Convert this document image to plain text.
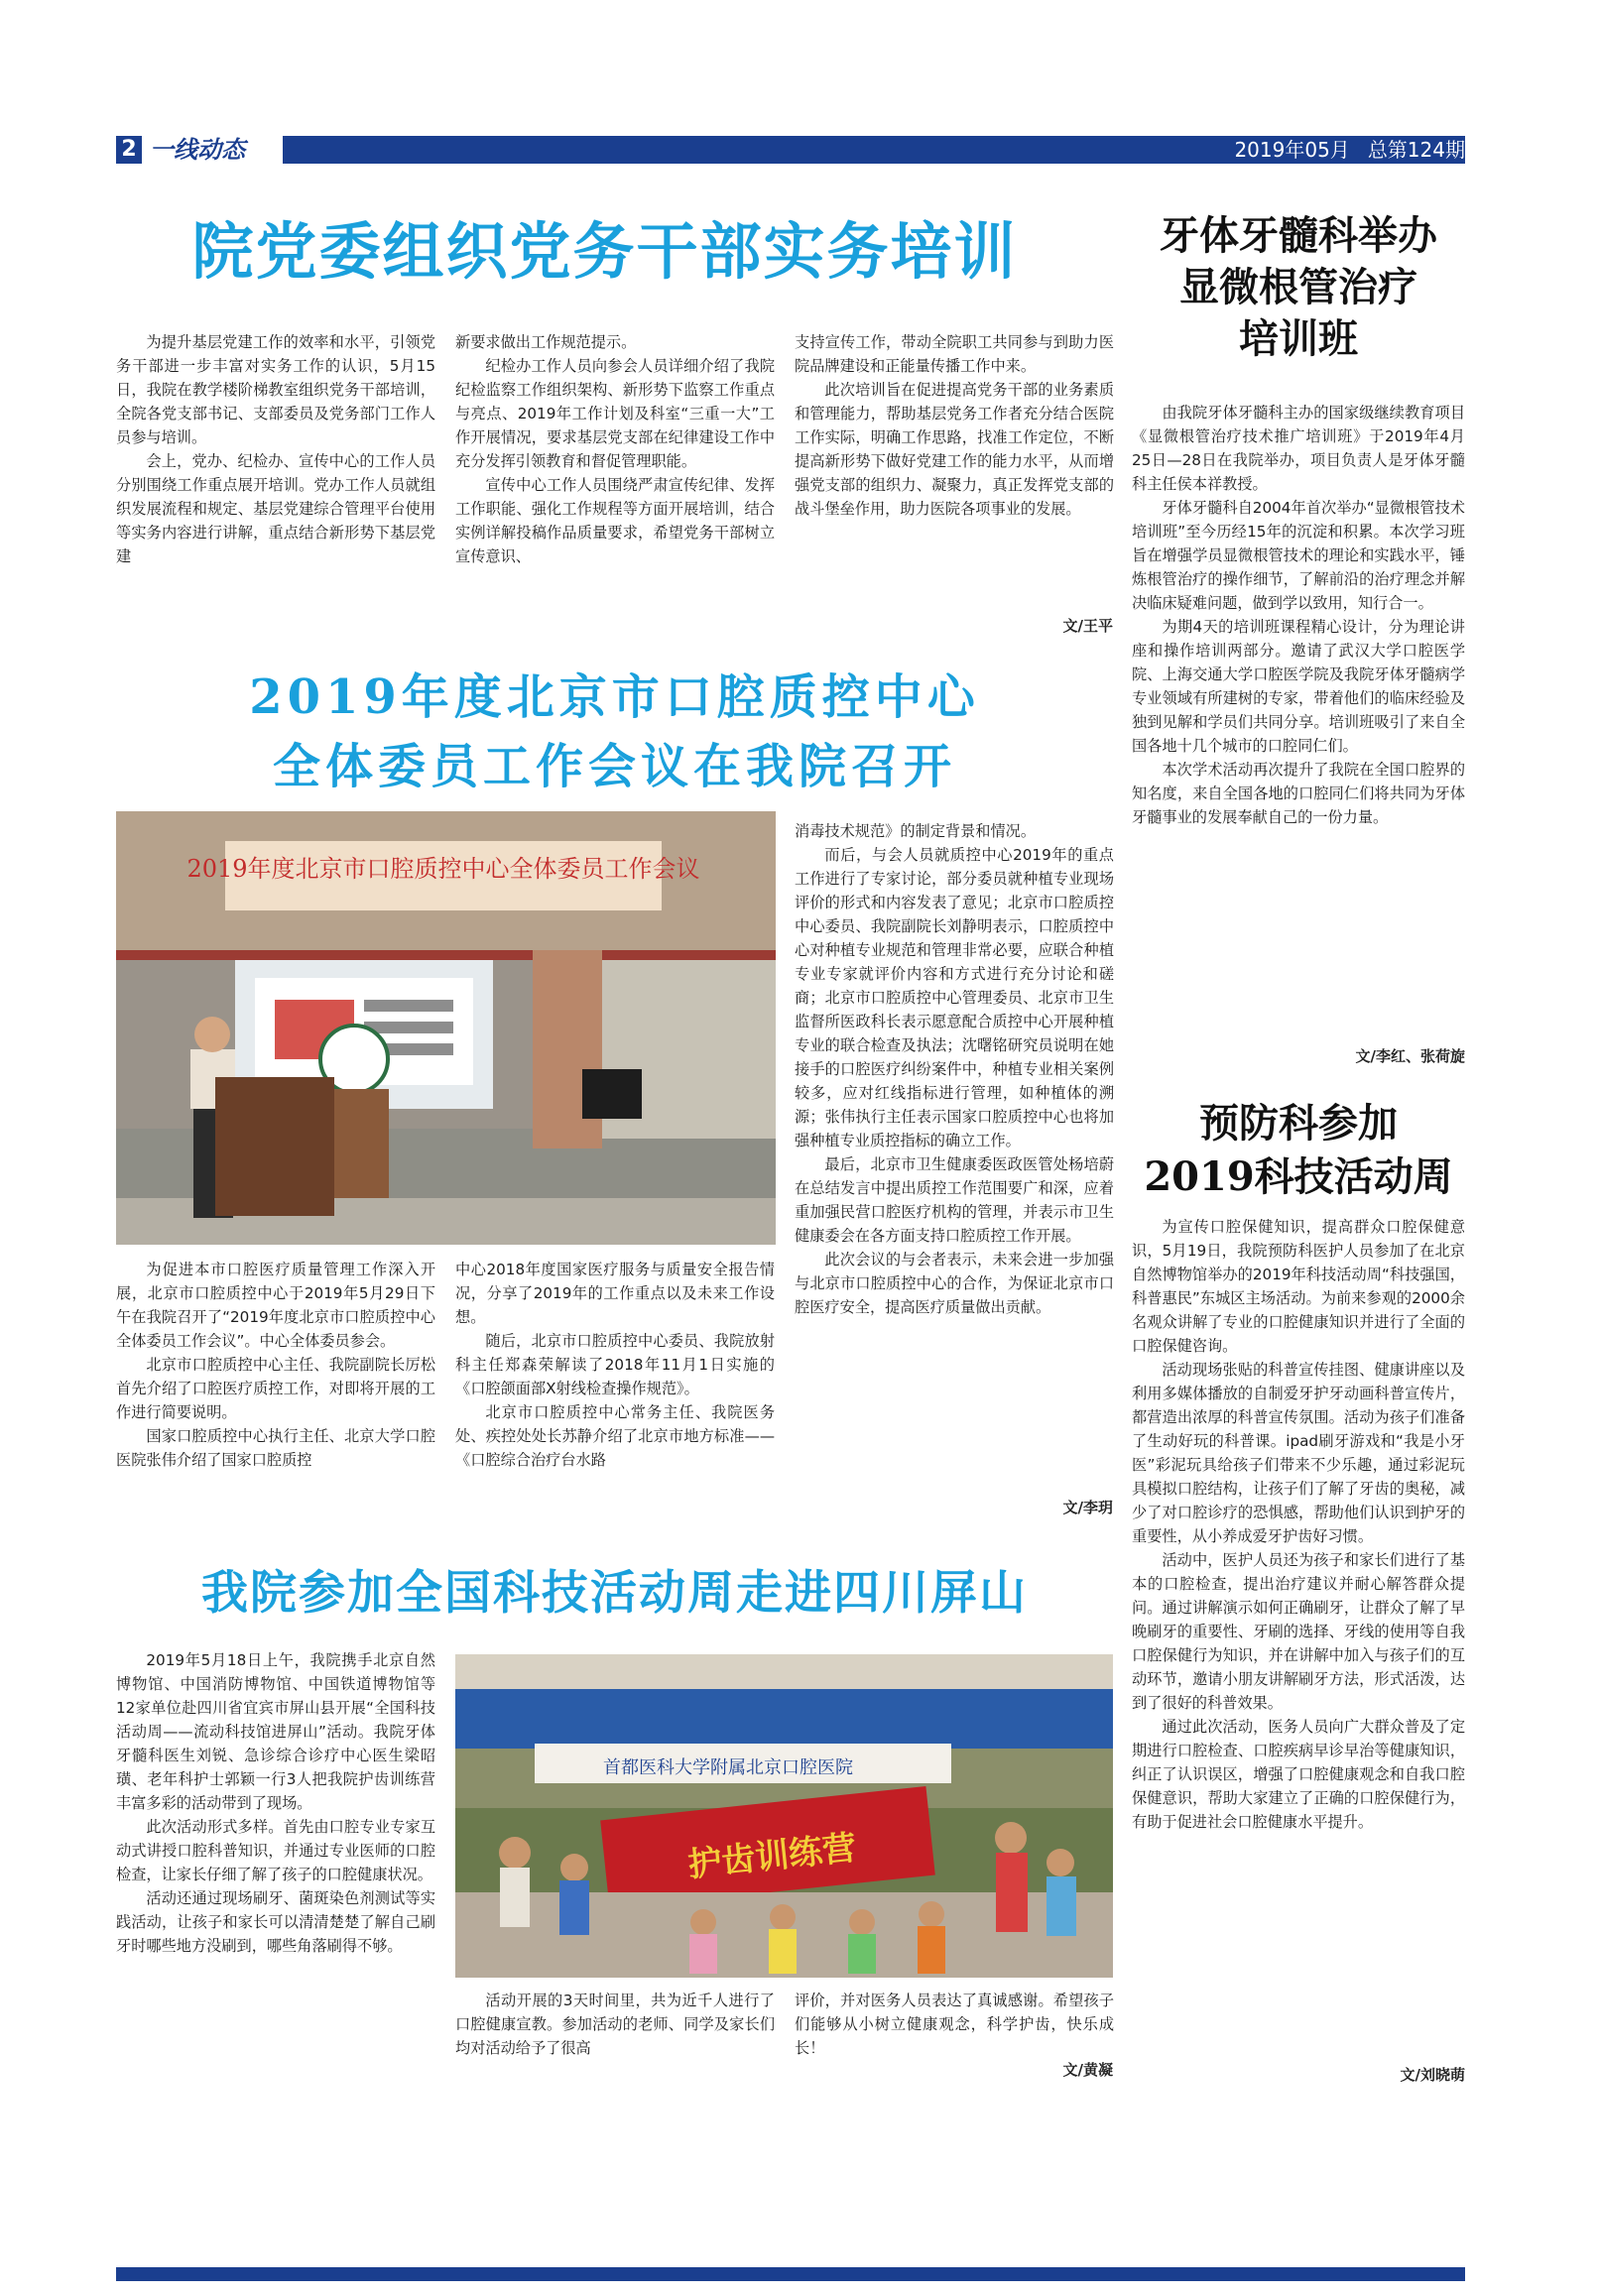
2 一线动态	2019年05月 总第124期
院党委组织党务干部实务培训

为提升基层党建工作的效率和水平，引领党务干部进一步丰富对实务工作的认识，5月15日，我院在教学楼阶梯教室组织党务干部培训，全院各党支部书记、支部委员及党务部门工作人员参与培训。

会上，党办、纪检办、宣传中心的工作人员分别围绕工作重点展开培训。党办工作人员就组织发展流程和规定、基层党建综合管理平台使用等实务内容进行讲解，重点结合新形势下基层党建

新要求做出工作规范提示。

纪检办工作人员向参会人员详细介绍了我院纪检监察工作组织架构、新形势下监察工作重点与亮点、2019年工作计划及科室“三重一大”工作开展情况，要求基层党支部在纪律建设工作中充分发挥引领教育和督促管理职能。

宣传中心工作人员围绕严肃宣传纪律、发挥工作职能、强化工作规程等方面开展培训，结合实例详解投稿作品质量要求，希望党务干部树立宣传意识、

支持宣传工作，带动全院职工共同参与到助力医院品牌建设和正能量传播工作中来。

此次培训旨在促进提高党务干部的业务素质和管理能力，帮助基层党务工作者充分结合医院工作实际，明确工作思路，找准工作定位，不断提高新形势下做好党建工作的能力水平，从而增强党支部的组织力、凝聚力，真正发挥党支部的战斗堡垒作用，助力医院各项事业的发展。

文/王平
2019年度北京市口腔质控中心
全体委员工作会议在我院召开
2019年度北京市口腔质控中心全体委员工作会议

消毒技术规范》的制定背景和情况。

而后，与会人员就质控中心2019年的重点工作进行了专家讨论，部分委员就种植专业现场评价的形式和内容发表了意见；北京市口腔质控中心委员、我院副院长刘静明表示，口腔质控中心对种植专业规范和管理非常必要，应联合种植专业专家就评价内容和方式进行充分讨论和磋商；北京市口腔质控中心管理委员、北京市卫生监督所医政科长表示愿意配合质控中心开展种植专业的联合检查及执法；沈曙铭研究员说明在她接手的口腔医疗纠纷案件中，种植专业相关案例较多，应对红线指标进行管理，如种植体的溯源；张伟执行主任表示国家口腔质控中心也将加强种植专业质控指标的确立工作。

最后，北京市卫生健康委医政医管处杨培蔚在总结发言中提出质控工作范围要广和深，应着重加强民营口腔医疗机构的管理，并表示市卫生健康委会在各方面支持口腔质控工作开展。

此次会议的与会者表示，未来会进一步加强与北京市口腔质控中心的合作，为保证北京市口腔医疗安全，提高医疗质量做出贡献。

为促进本市口腔医疗质量管理工作深入开展，北京市口腔质控中心于2019年5月29日下午在我院召开了“2019年度北京市口腔质控中心全体委员工作会议”。中心全体委员参会。

北京市口腔质控中心主任、我院副院长厉松首先介绍了口腔医疗质控工作，对即将开展的工作进行简要说明。

国家口腔质控中心执行主任、北京大学口腔医院张伟介绍了国家口腔质控

中心2018年度国家医疗服务与质量安全报告情况，分享了2019年的工作重点以及未来工作设想。

随后，北京市口腔质控中心委员、我院放射科主任郑森荣解读了2018年11月1日实施的《口腔颌面部X射线检查操作规范》。

北京市口腔质控中心常务主任、我院医务处、疾控处处长苏静介绍了北京市地方标准——《口腔综合治疗台水路

文/李玥
我院参加全国科技活动周走进四川屏山

2019年5月18日上午，我院携手北京自然博物馆、中国消防博物馆、中国铁道博物馆等12家单位赴四川省宜宾市屏山县开展“全国科技活动周——流动科技馆进屏山”活动。我院牙体牙髓科医生刘锐、急诊综合诊疗中心医生梁昭璜、老年科护士郭颖一行3人把我院护齿训练营丰富多彩的活动带到了现场。

此次活动形式多样。首先由口腔专业专家互动式讲授口腔科普知识，并通过专业医师的口腔检查，让家长仔细了解了孩子的口腔健康状况。

活动还通过现场刷牙、菌斑染色剂测试等实践活动，让孩子和家长可以清清楚楚了解自己刷牙时哪些地方没刷到，哪些角落刷得不够。

首都医科大学附属北京口腔医院
护齿训练营

活动开展的3天时间里，共为近千人进行了口腔健康宣教。参加活动的老师、同学及家长们均对活动给予了很高

评价，并对医务人员表达了真诚感谢。希望孩子们能够从小树立健康观念，科学护齿，快乐成长！

文/黄凝
牙体牙髓科举办
显微根管治疗
培训班

由我院牙体牙髓科主办的国家级继续教育项目《显微根管治疗技术推广培训班》于2019年4月25日—28日在我院举办，项目负责人是牙体牙髓科主任侯本祥教授。

牙体牙髓科自2004年首次举办“显微根管技术培训班”至今历经15年的沉淀和积累。本次学习班旨在增强学员显微根管技术的理论和实践水平，锤炼根管治疗的操作细节，了解前沿的治疗理念并解决临床疑难问题，做到学以致用，知行合一。

为期4天的培训班课程精心设计，分为理论讲座和操作培训两部分。邀请了武汉大学口腔医学院、上海交通大学口腔医学院及我院牙体牙髓病学专业领域有所建树的专家，带着他们的临床经验及独到见解和学员们共同分享。培训班吸引了来自全国各地十几个城市的口腔同仁们。

本次学术活动再次提升了我院在全国口腔界的知名度，来自全国各地的口腔同仁们将共同为牙体牙髓事业的发展奉献自己的一份力量。

文/李红、张荷旋
预防科参加
2019科技活动周

为宣传口腔保健知识，提高群众口腔保健意识，5月19日，我院预防科医护人员参加了在北京自然博物馆举办的2019年科技活动周“科技强国，科普惠民”东城区主场活动。为前来参观的2000余名观众讲解了专业的口腔健康知识并进行了全面的口腔保健咨询。

活动现场张贴的科普宣传挂图、健康讲座以及利用多媒体播放的自制爱牙护牙动画科普宣传片，都营造出浓厚的科普宣传氛围。活动为孩子们准备了生动好玩的科普课。ipad刷牙游戏和“我是小牙医”彩泥玩具给孩子们带来不少乐趣，通过彩泥玩具模拟口腔结构，让孩子们了解了牙齿的奥秘，减少了对口腔诊疗的恐惧感，帮助他们认识到护牙的重要性，从小养成爱牙护齿好习惯。

活动中，医护人员还为孩子和家长们进行了基本的口腔检查，提出治疗建议并耐心解答群众提问。通过讲解演示如何正确刷牙，让群众了解了早晚刷牙的重要性、牙刷的选择、牙线的使用等自我口腔保健行为知识，并在讲解中加入与孩子们的互动环节，邀请小朋友讲解刷牙方法，形式活泼，达到了很好的科普效果。

通过此次活动，医务人员向广大群众普及了定期进行口腔检查、口腔疾病早诊早治等健康知识，纠正了认识误区，增强了口腔健康观念和自我口腔保健意识，帮助大家建立了正确的口腔保健行为，有助于促进社会口腔健康水平提升。

文/刘晓萌
